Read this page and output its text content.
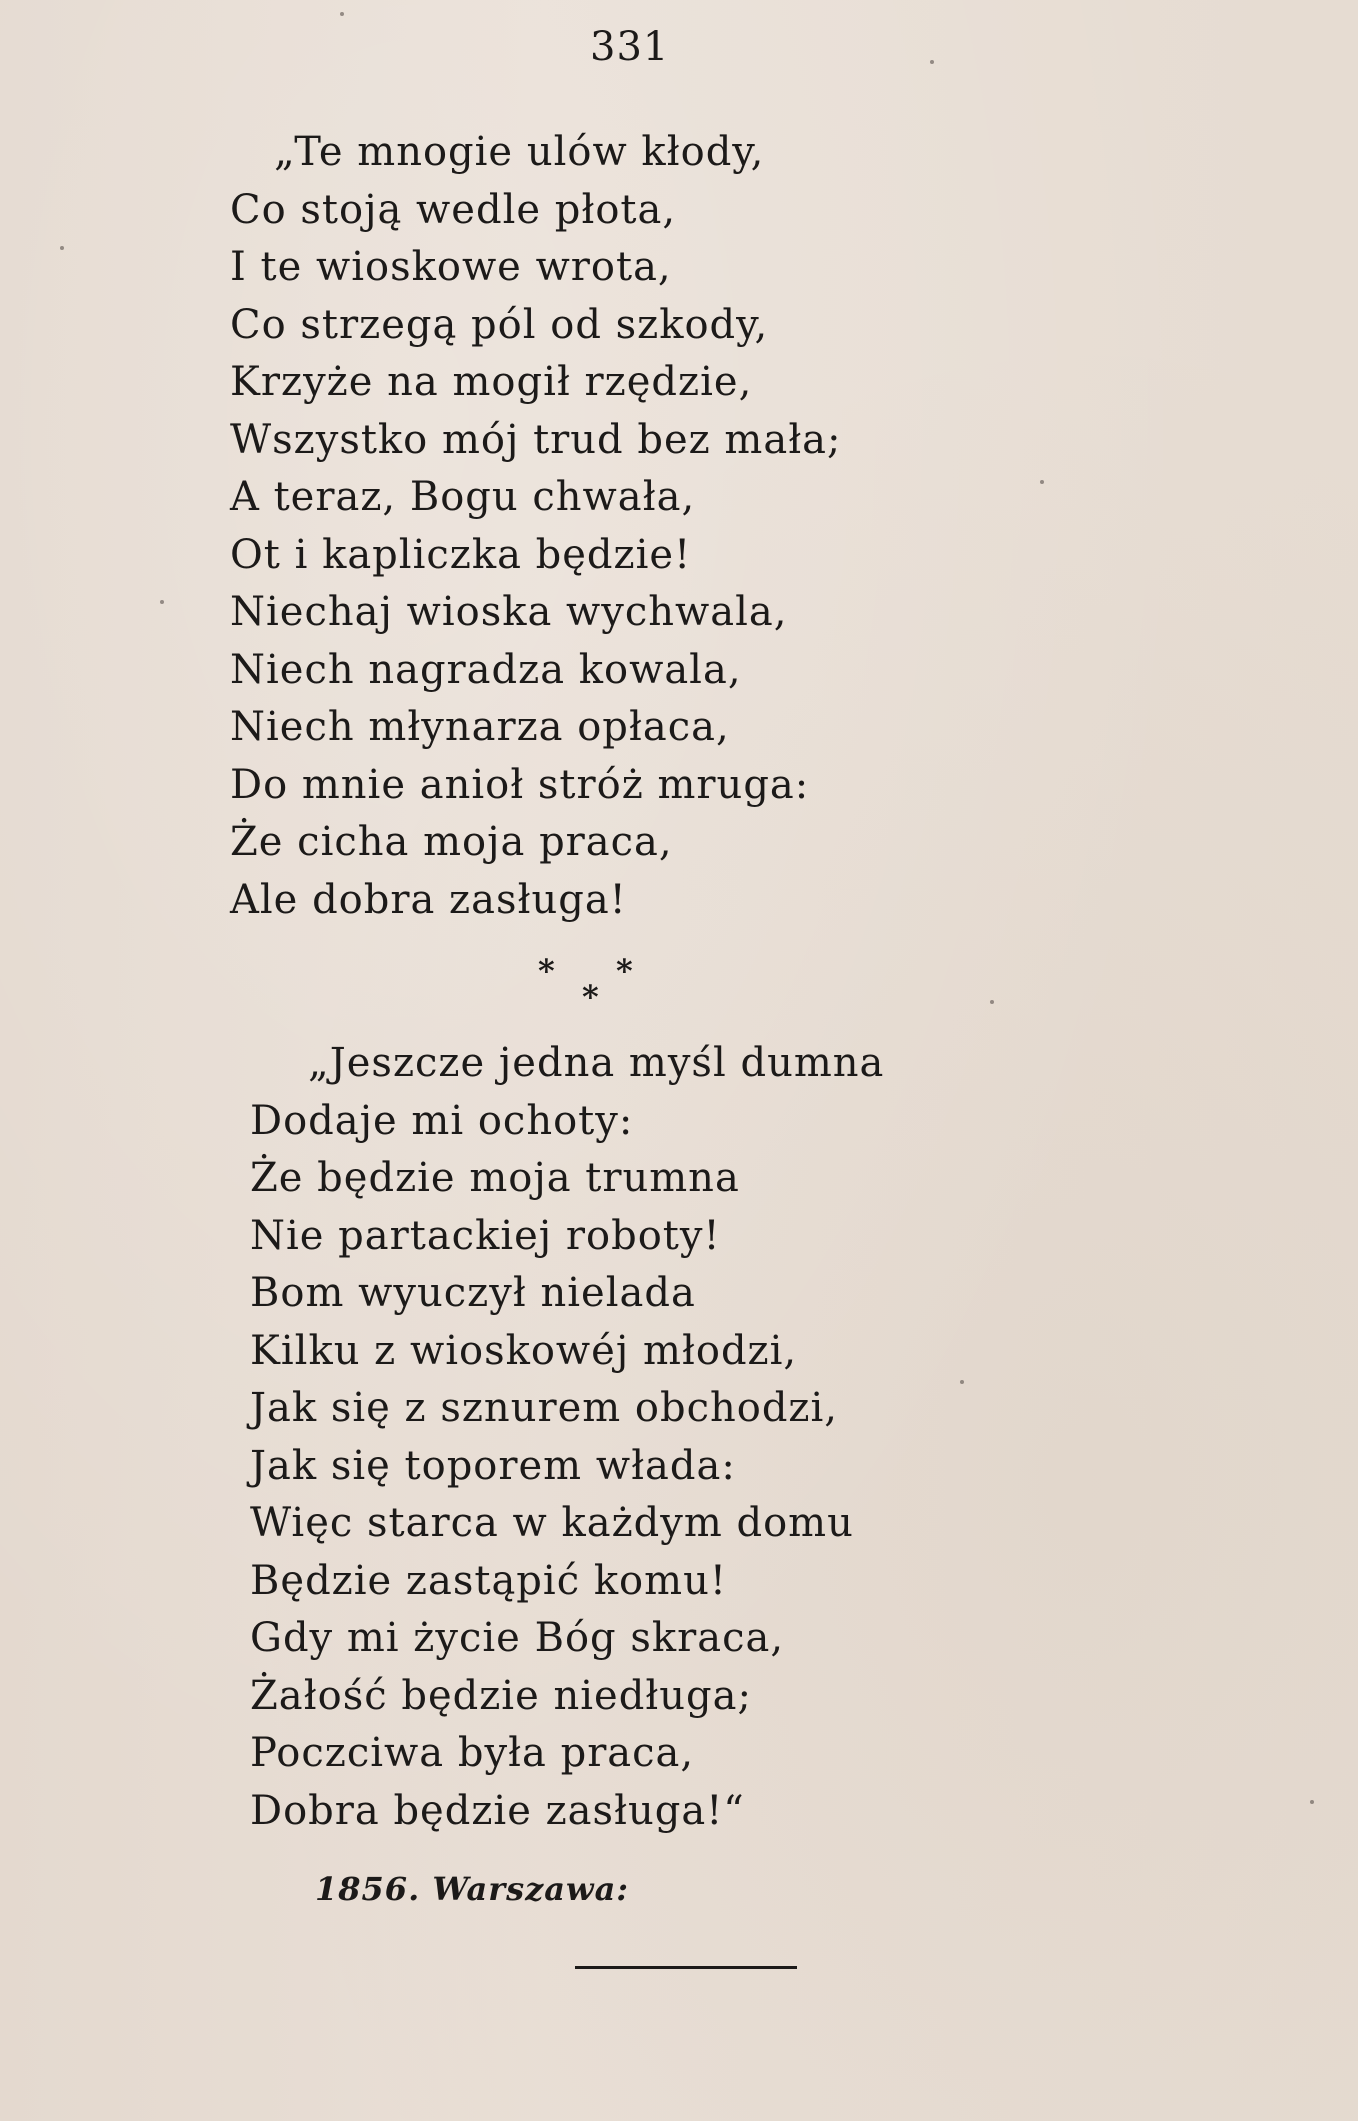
331
„Te mnogie ulów kłody,
Co stoją wedle płota,
I te wioskowe wrota,
Co strzegą pól od szkody,
Krzyże na mogił rzędzie,
Wszystko mój trud bez mała;
A teraz, Bogu chwała,
Ot i kapliczka będzie!
Niechaj wioska wychwala,
Niech nagradza kowala,
Niech młynarza opłaca,
Do mnie anioł stróż mruga:
Że cicha moja praca,
Ale dobra zasługa!
* *
*
„Jeszcze jedna myśl dumna
Dodaje mi ochoty:
Że będzie moja trumna
Nie partackiej roboty!
Bom wyuczył nielada
Kilku z wioskowéj młodzi,
Jak się z sznurem obchodzi,
Jak się toporem włada:
Więc starca w każdym domu
Będzie zastąpić komu!
Gdy mi życie Bóg skraca,
Żałość będzie niedługa;
Poczciwa była praca,
Dobra będzie zasługa!“
1856. Warszawa:
